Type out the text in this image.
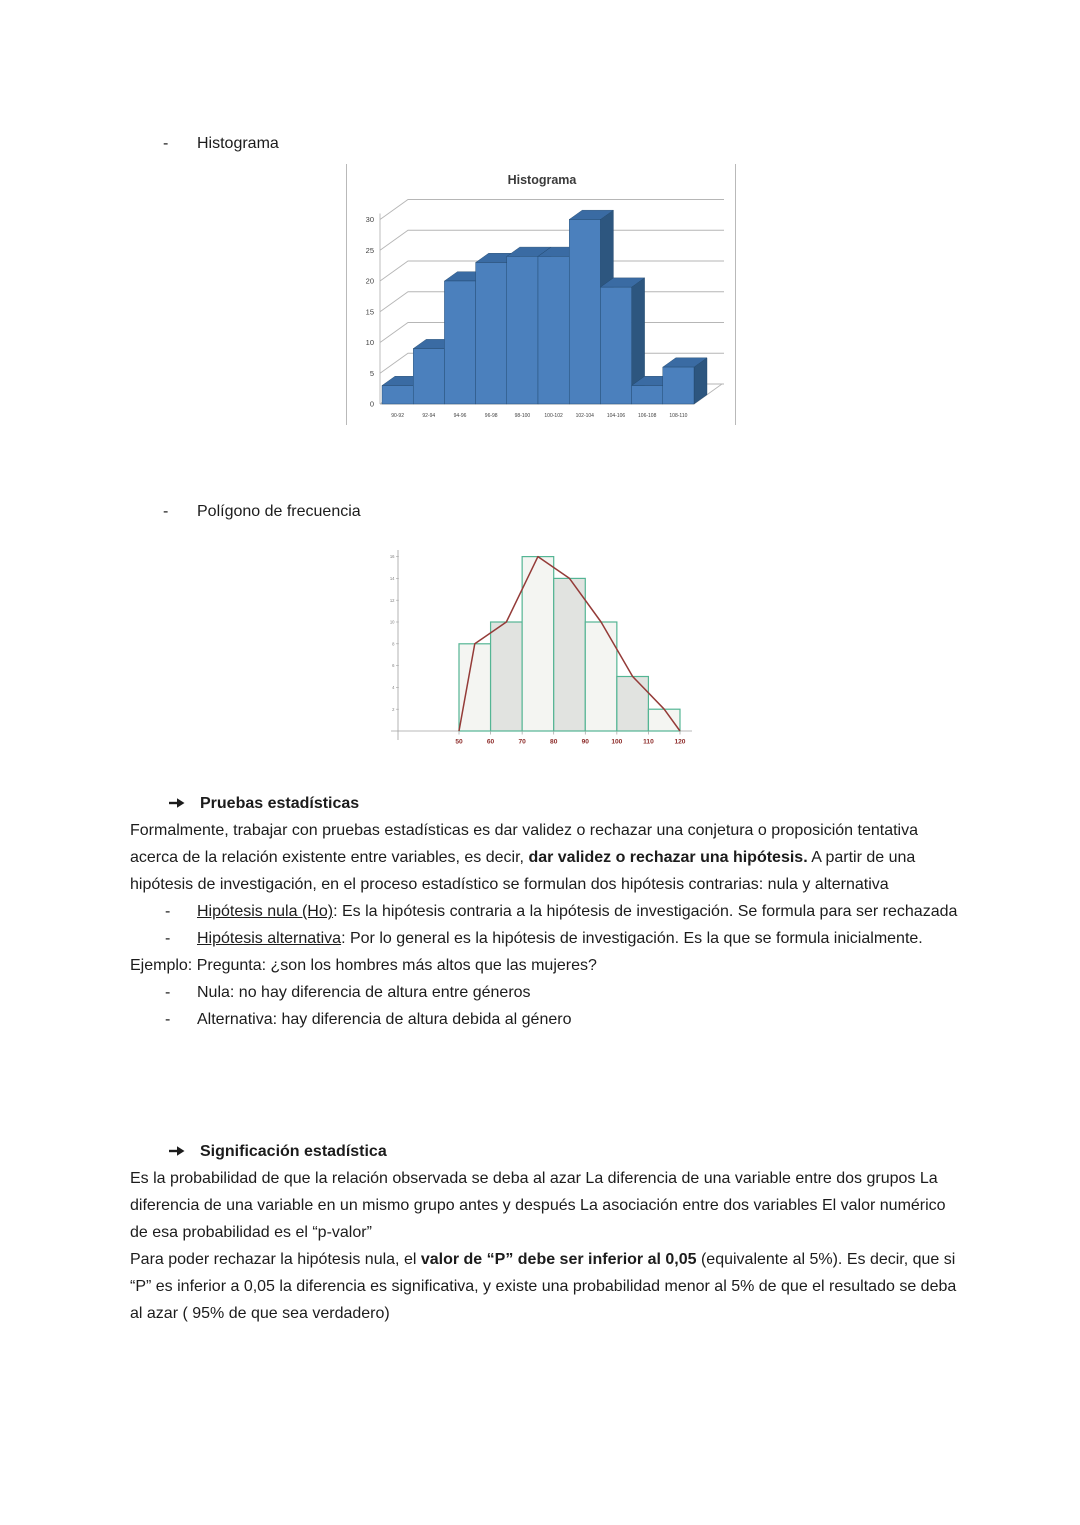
-	Histograma
Histograma
0
5
10
15
20
25
30
90-92	92-94	94-96	96-98	98-100	100-102	102-104	104-106	106-108	108-110
-	Polígono de frecuencia
2
4
6
8
10
12
14
16
50	60	70	80	90	100	110	120
Pruebas estadísticas

Formalmente, trabajar con pruebas estadísticas es dar validez o rechazar una conjetura o proposición tentativa acerca de la relación existente entre variables, es decir, dar validez o rechazar una hipótesis. A partir de una hipótesis de investigación, en el proceso estadístico se formulan dos hipótesis contrarias: nula y alternativa

-	Hipótesis nula (Ho): Es la hipótesis contraria a la hipótesis de investigación. Se formula para ser rechazada
-	Hipótesis alternativa: Por lo general es la hipótesis de investigación. Es la que se formula inicialmente.

Ejemplo: Pregunta: ¿son los hombres más altos que las mujeres?

-	Nula: no hay diferencia de altura entre géneros
-	Alternativa: hay diferencia de altura debida al género
Significación estadística

Es la probabilidad de que la relación observada se deba al azar La diferencia de una variable entre dos grupos La diferencia de una variable en un mismo grupo antes y después La asociación entre dos variables El valor numérico de esa probabilidad es el “p-valor”

Para poder rechazar la hipótesis nula, el valor de “P” debe ser inferior al 0,05 (equivalente al 5%). Es decir, que si “P” es inferior a 0,05 la diferencia es significativa, y existe una probabilidad menor al 5% de que el resultado se deba al azar ( 95% de que sea verdadero)
